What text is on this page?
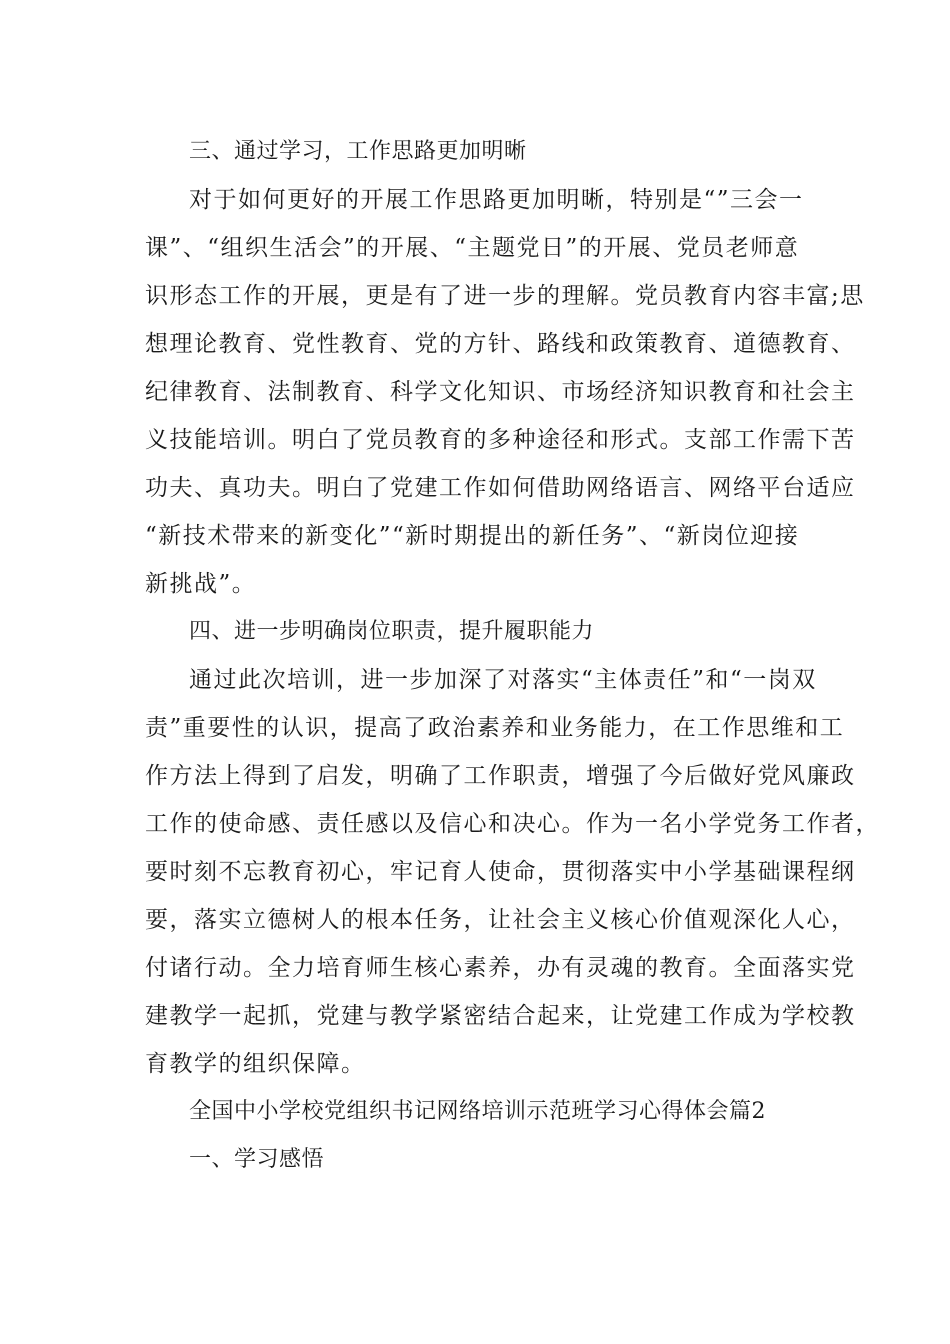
三、通过学习，工作思路更加明晰
对于如何更好的开展工作思路更加明晰，特别是“”三会一
课”、“组织生活会”的开展、“主题党日”的开展、党员老师意
识形态工作的开展，更是有了进一步的理解。党员教育内容丰富;思
想理论教育、党性教育、党的方针、路线和政策教育、道德教育、
纪律教育、法制教育、科学文化知识、市场经济知识教育和社会主
义技能培训。明白了党员教育的多种途径和形式。支部工作需下苦
功夫、真功夫。明白了党建工作如何借助网络语言、网络平台适应
“新技术带来的新变化”“新时期提出的新任务”、“新岗位迎接
新挑战”。
四、进一步明确岗位职责，提升履职能力
通过此次培训，进一步加深了对落实“主体责任”和“一岗双
责”重要性的认识，提高了政治素养和业务能力，在工作思维和工
作方法上得到了启发，明确了工作职责，增强了今后做好党风廉政
工作的使命感、责任感以及信心和决心。作为一名小学党务工作者，
要时刻不忘教育初心，牢记育人使命，贯彻落实中小学基础课程纲
要，落实立德树人的根本任务，让社会主义核心价值观深化人心，
付诸行动。全力培育师生核心素养，办有灵魂的教育。全面落实党
建教学一起抓，党建与教学紧密结合起来，让党建工作成为学校教
育教学的组织保障。
全国中小学校党组织书记网络培训示范班学习心得体会篇2
一、学习感悟
